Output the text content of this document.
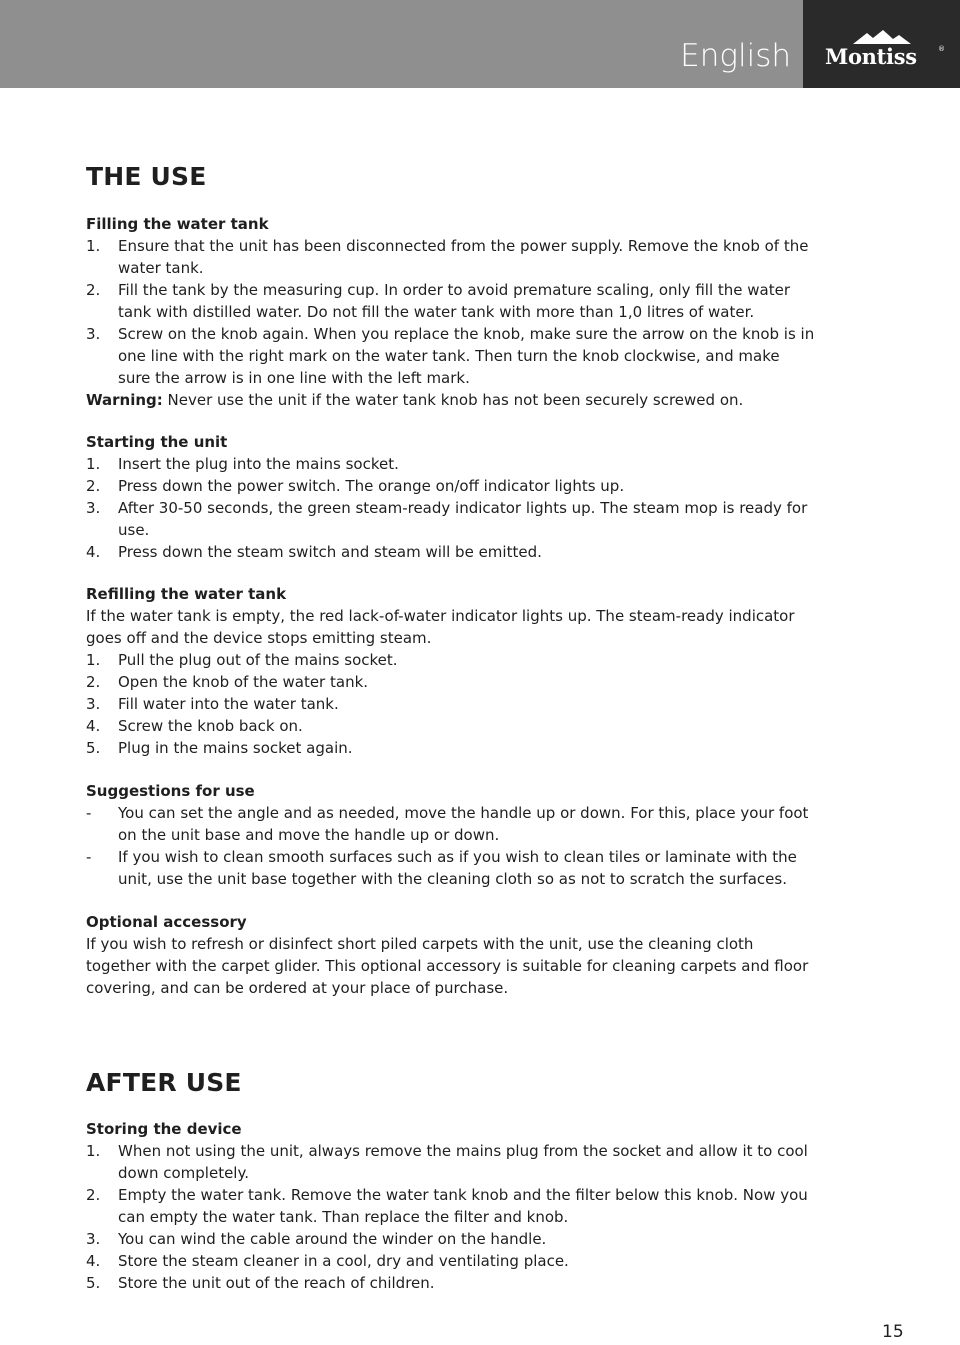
English Montiss	®
THE USE
Filling the water tank
1. Ensure that the unit has been disconnected from the power supply. Remove the knob of the water tank.
2. Fill the tank by the measuring cup. In order to avoid premature scaling, only fill the water tank with distilled water. Do not fill the water tank with more than 1,0 litres of water.
3. Screw on the knob again. When you replace the knob, make sure the arrow on the knob is in one line with the right mark on the water tank. Then turn the knob clockwise, and make sure the arrow is in one line with the left mark.

Warning: Never use the unit if the water tank knob has not been securely screwed on.

Starting the unit
1. Insert the plug into the mains socket.
2. Press down the power switch. The orange on/off indicator lights up.
3. After 30-50 seconds, the green steam-ready indicator lights up. The steam mop is ready for use.
4. Press down the steam switch and steam will be emitted.
Refilling the water tank

If the water tank is empty, the red lack-of-water indicator lights up. The steam-ready indicator goes off and the device stops emitting steam.

1. Pull the plug out of the mains socket.
2. Open the knob of the water tank.
3. Fill water into the water tank.
4. Screw the knob back on.
5. Plug in the mains socket again.
Suggestions for use
- You can set the angle and as needed, move the handle up or down. For this, place your foot on the unit base and move the handle up or down.
- If you wish to clean smooth surfaces such as if you wish to clean tiles or laminate with the unit, use the unit base together with the cleaning cloth so as not to scratch the surfaces.
Optional accessory

If you wish to refresh or disinfect short piled carpets with the unit, use the cleaning cloth together with the carpet glider. This optional accessory is suitable for cleaning carpets and floor covering, and can be ordered at your place of purchase.

AFTER USE
Storing the device
1. When not using the unit, always remove the mains plug from the socket and allow it to cool down completely.
2. Empty the water tank. Remove the water tank knob and the filter below this knob. Now you can empty the water tank. Than replace the filter and knob.
3. You can wind the cable around the winder on the handle.
4. Store the steam cleaner in a cool, dry and ventilating place.
5. Store the unit out of the reach of children.
15
